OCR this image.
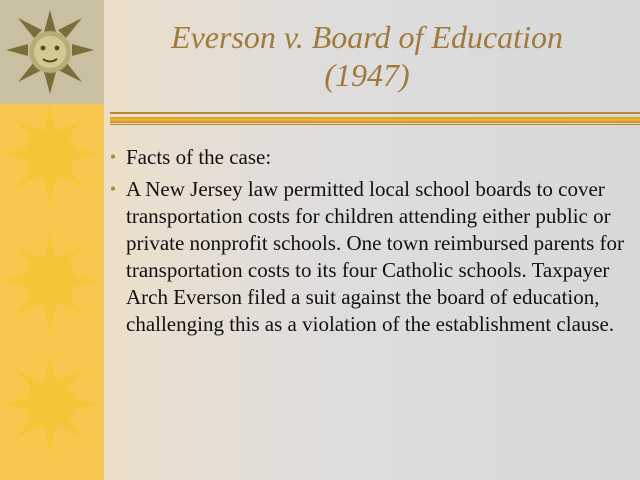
Everson v. Board of Education
(1947)
• Facts of the case:
• A New Jersey law permitted local school boards to cover transportation costs for children attending either public or private nonprofit schools. One town reimbursed parents for transportation costs to its four Catholic schools. Taxpayer Arch Everson filed a suit against the board of education, challenging this as a violation of the establishment clause.
